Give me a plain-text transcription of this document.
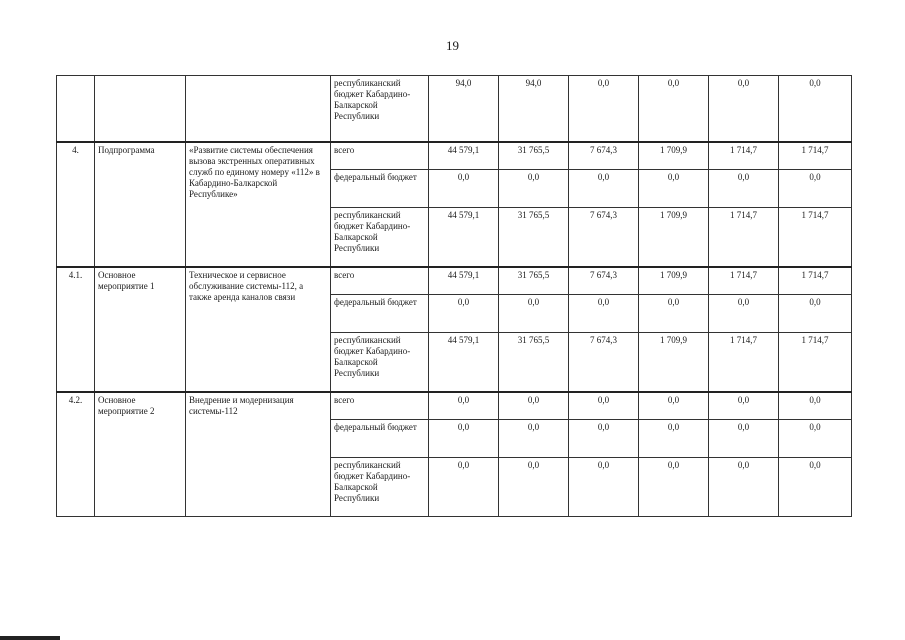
19
			республиканский бюджет Кабардино-Балкарской Республики	94,0	94,0	0,0	0,0	0,0	0,0
4.	Подпрограмма	«Развитие системы обеспечения вызова экстренных оперативных служб по единому номеру «112» в Кабардино-Балкарской Республике»	всего	44 579,1	31 765,5	7 674,3	1 709,9	1 714,7	1 714,7
			федеральный бюджет	0,0	0,0	0,0	0,0	0,0	0,0
			республиканский бюджет Кабардино-Балкарской Республики	44 579,1	31 765,5	7 674,3	1 709,9	1 714,7	1 714,7
4.1.	Основное мероприятие 1	Техническое и сервисное обслуживание системы-112, а также аренда каналов связи	всего	44 579,1	31 765,5	7 674,3	1 709,9	1 714,7	1 714,7
			федеральный бюджет	0,0	0,0	0,0	0,0	0,0	0,0
			республиканский бюджет Кабардино-Балкарской Республики	44 579,1	31 765,5	7 674,3	1 709,9	1 714,7	1 714,7
4.2.	Основное мероприятие 2	Внедрение и модернизация системы-112	всего	0,0	0,0	0,0	0,0	0,0	0,0
			федеральный бюджет	0,0	0,0	0,0	0,0	0,0	0,0
			республиканский бюджет Кабардино-Балкарской Республики	0,0	0,0	0,0	0,0	0,0	0,0
